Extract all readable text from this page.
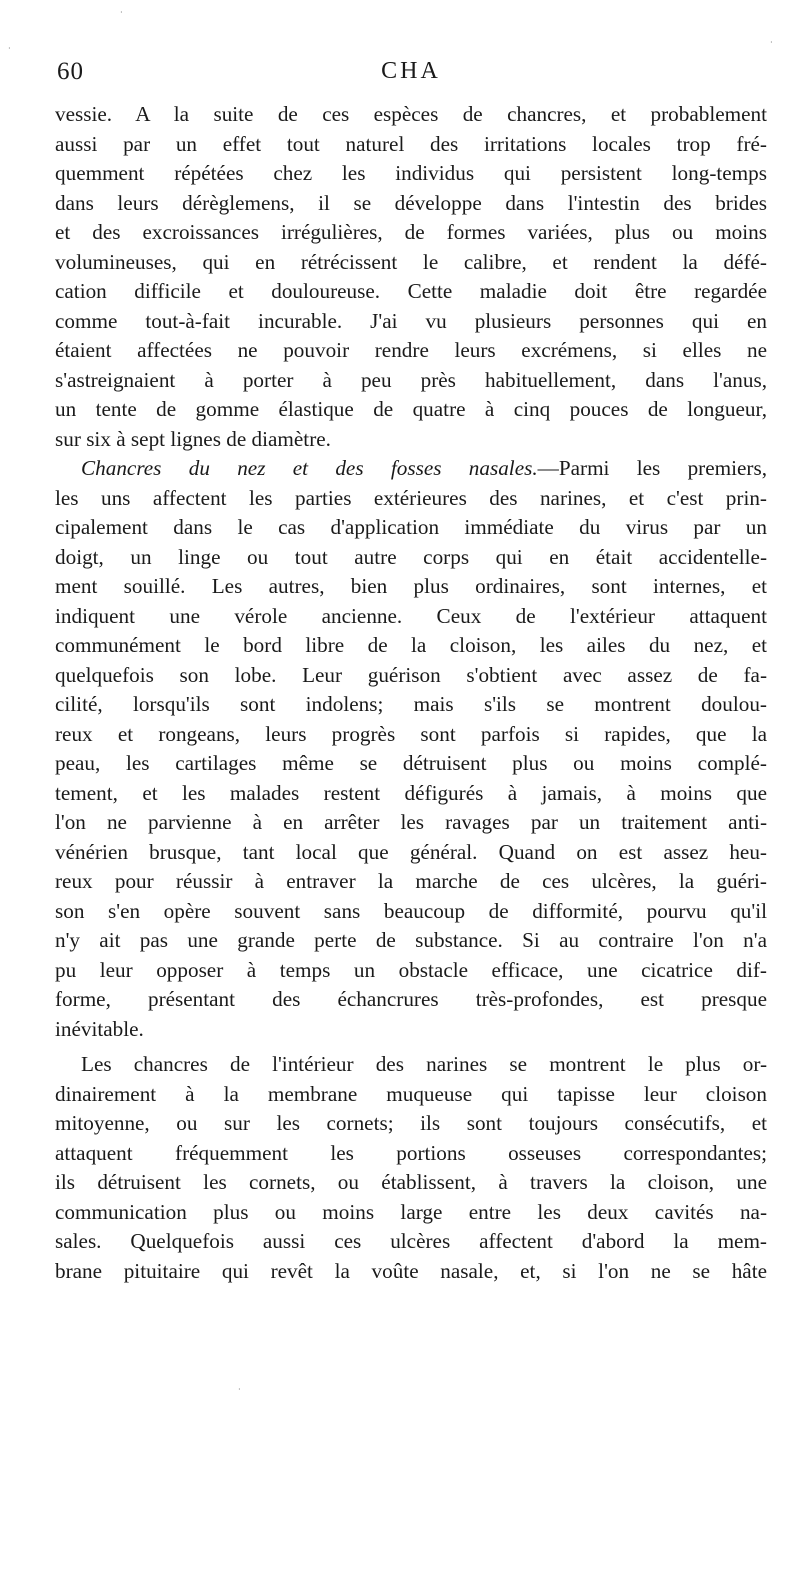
60	CHA
vessie. A la suite de ces espèces de chancres, et probablement
aussi par un effet tout naturel des irritations locales trop fré-
quemment répétées chez les individus qui persistent long-temps
dans leurs dérèglemens, il se développe dans l'intestin des brides
et des excroissances irrégulières, de formes variées, plus ou moins
volumineuses, qui en rétrécissent le calibre, et rendent la défé-
cation difficile et douloureuse. Cette maladie doit être regardée
comme tout-à-fait incurable. J'ai vu plusieurs personnes qui en
étaient affectées ne pouvoir rendre leurs excrémens, si elles ne
s'astreignaient à porter à peu près habituellement, dans l'anus,
un tente de gomme élastique de quatre à cinq pouces de longueur,
sur six à sept lignes de diamètre.
Chancres du nez et des fosses nasales.—Parmi les premiers,
les uns affectent les parties extérieures des narines, et c'est prin-
cipalement dans le cas d'application immédiate du virus par un
doigt, un linge ou tout autre corps qui en était accidentelle-
ment souillé. Les autres, bien plus ordinaires, sont internes, et
indiquent une vérole ancienne. Ceux de l'extérieur attaquent
communément le bord libre de la cloison, les ailes du nez, et
quelquefois son lobe. Leur guérison s'obtient avec assez de fa-
cilité, lorsqu'ils sont indolens; mais s'ils se montrent doulou-
reux et rongeans, leurs progrès sont parfois si rapides, que la
peau, les cartilages même se détruisent plus ou moins complé-
tement, et les malades restent défigurés à jamais, à moins que
l'on ne parvienne à en arrêter les ravages par un traitement anti-
vénérien brusque, tant local que général. Quand on est assez heu-
reux pour réussir à entraver la marche de ces ulcères, la guéri-
son s'en opère souvent sans beaucoup de difformité, pourvu qu'il
n'y ait pas une grande perte de substance. Si au contraire l'on n'a
pu leur opposer à temps un obstacle efficace, une cicatrice dif-
forme, présentant des échancrures très-profondes, est presque
inévitable.
Les chancres de l'intérieur des narines se montrent le plus or-
dinairement à la membrane muqueuse qui tapisse leur cloison
mitoyenne, ou sur les cornets; ils sont toujours consécutifs, et
attaquent fréquemment les portions osseuses correspondantes;
ils détruisent les cornets, ou établissent, à travers la cloison, une
communication plus ou moins large entre les deux cavités na-
sales. Quelquefois aussi ces ulcères affectent d'abord la mem-
brane pituitaire qui revêt la voûte nasale, et, si l'on ne se hâte
·
·
·
·
